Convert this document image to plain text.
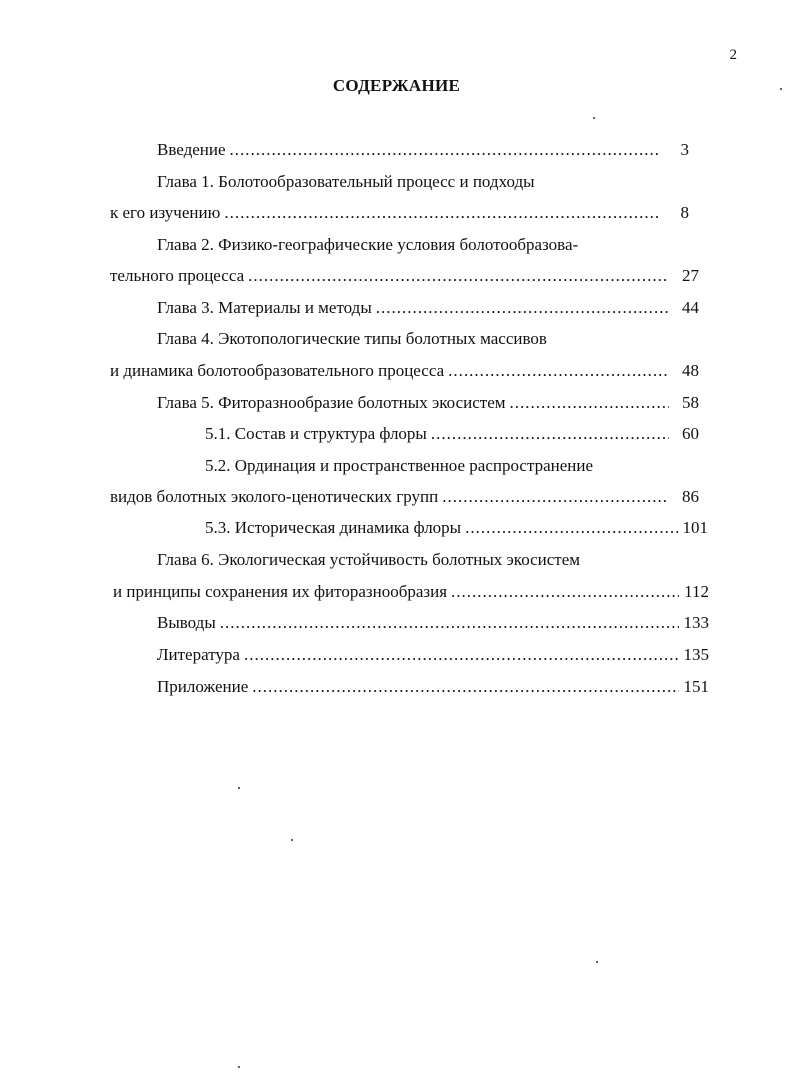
2
СОДЕРЖАНИЕ
Введение .....	3
Глава 1. Болотообразовательный процесс и подходы
к его изучению .....	8
Глава 2. Физико-географические условия болотообразова-
тельного процесса .....	27
Глава 3. Материалы и методы .....	44
Глава 4. Экотопологические типы болотных массивов
и динамика болотообразовательного процесса .....	48
Глава 5. Фиторазнообразие болотных экосистем .....	58
5.1. Состав и структура флоры .....	60
5.2. Ординация и пространственное распространение
видов болотных эколого-ценотических групп .....	86
5.3. Историческая динамика флоры .....	101
Глава 6. Экологическая устойчивость болотных экосистем
и принципы сохранения их фиторазнообразия .....	112
Выводы .....	133
Литература .....	135
Приложение .....	151
